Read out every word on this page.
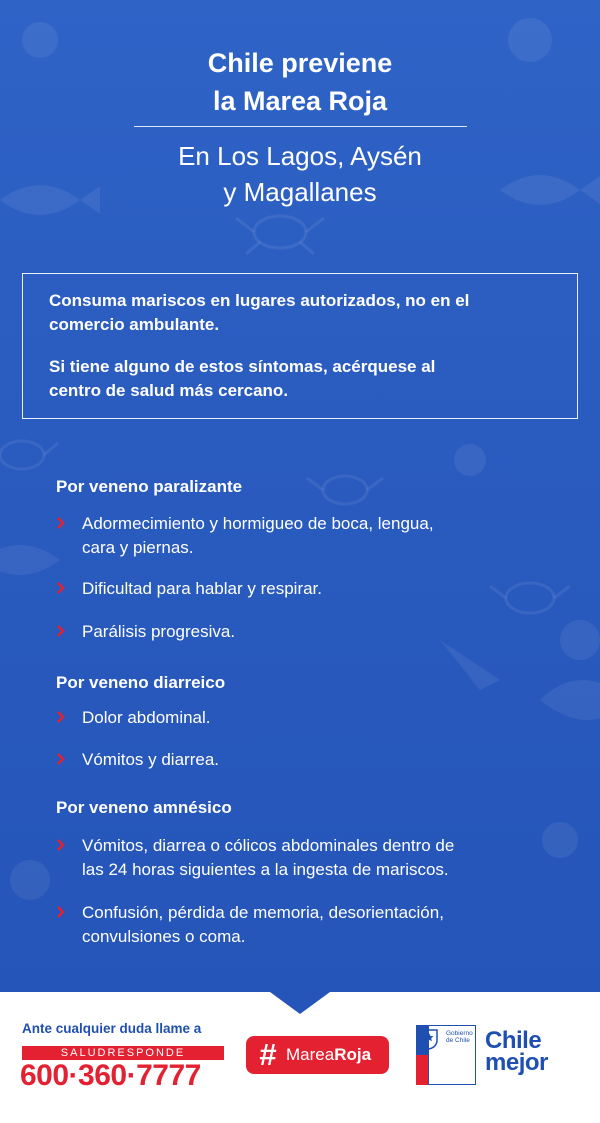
Chile previene
la Marea Roja
En Los Lagos, Aysén
y Magallanes

Consuma mariscos en lugares autorizados, no en el
comercio ambulante.

Si tiene alguno de estos síntomas, acérquese al
centro de salud más cercano.

Por veneno paralizante
Adormecimiento y hormigueo de boca, lengua,
cara y piernas.
Dificultad para hablar y respirar.
Parálisis progresiva.
Por veneno diarreico
Dolor abdominal.
Vómitos y diarrea.
Por veneno amnésico
Vómitos, diarrea o cólicos abdominales dentro de
las 24 horas siguientes a la ingesta de mariscos.
Confusión, pérdida de memoria, desorientación,
convulsiones o coma.
Ante cualquier duda llame a
SALUDRESPONDE
600·360·7777
# MareaRoja
Gobierno
de Chile Chile
mejor
